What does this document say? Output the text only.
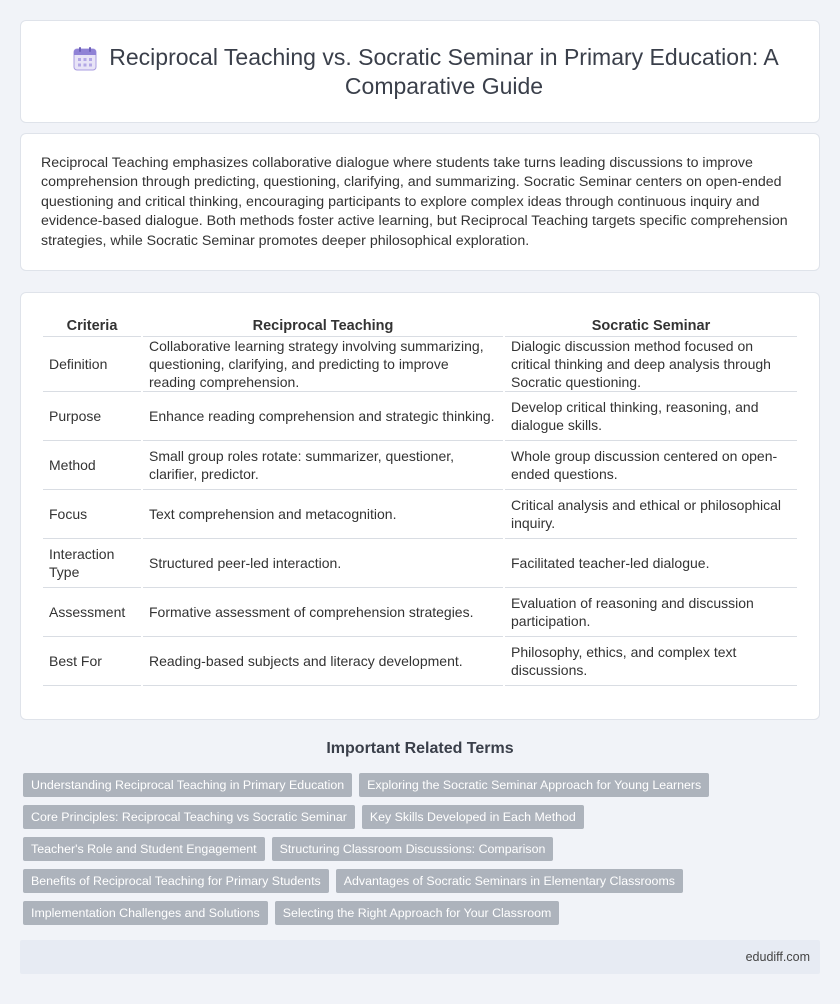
Reciprocal Teaching vs. Socratic Seminar in Primary Education: A Comparative Guide

Reciprocal Teaching emphasizes collaborative dialogue where students take turns leading discussions to improve comprehension through predicting, questioning, clarifying, and summarizing. Socratic Seminar centers on open-ended questioning and critical thinking, encouraging participants to explore complex ideas through continuous inquiry and evidence-based dialogue. Both methods foster active learning, but Reciprocal Teaching targets specific comprehension strategies, while Socratic Seminar promotes deeper philosophical exploration.

Criteria	Reciprocal Teaching	Socratic Seminar
Definition	Collaborative learning strategy involving summarizing, questioning, clarifying, and predicting to improve reading comprehension.	Dialogic discussion method focused on critical thinking and deep analysis through Socratic questioning.
Purpose	Enhance reading comprehension and strategic thinking.	Develop critical thinking, reasoning, and dialogue skills.
Method	Small group roles rotate: summarizer, questioner, clarifier, predictor.	Whole group discussion centered on open-ended questions.
Focus	Text comprehension and metacognition.	Critical analysis and ethical or philosophical inquiry.
Interaction Type	Structured peer-led interaction.	Facilitated teacher-led dialogue.
Assessment	Formative assessment of comprehension strategies.	Evaluation of reasoning and discussion participation.
Best For	Reading-based subjects and literacy development.	Philosophy, ethics, and complex text discussions.
Important Related Terms
Understanding Reciprocal Teaching in Primary Education	Exploring the Socratic Seminar Approach for Young Learners
Core Principles: Reciprocal Teaching vs Socratic Seminar	Key Skills Developed in Each Method
Teacher's Role and Student Engagement	Structuring Classroom Discussions: Comparison
Benefits of Reciprocal Teaching for Primary Students	Advantages of Socratic Seminars in Elementary Classrooms
Implementation Challenges and Solutions	Selecting the Right Approach for Your Classroom
edudiff.com
